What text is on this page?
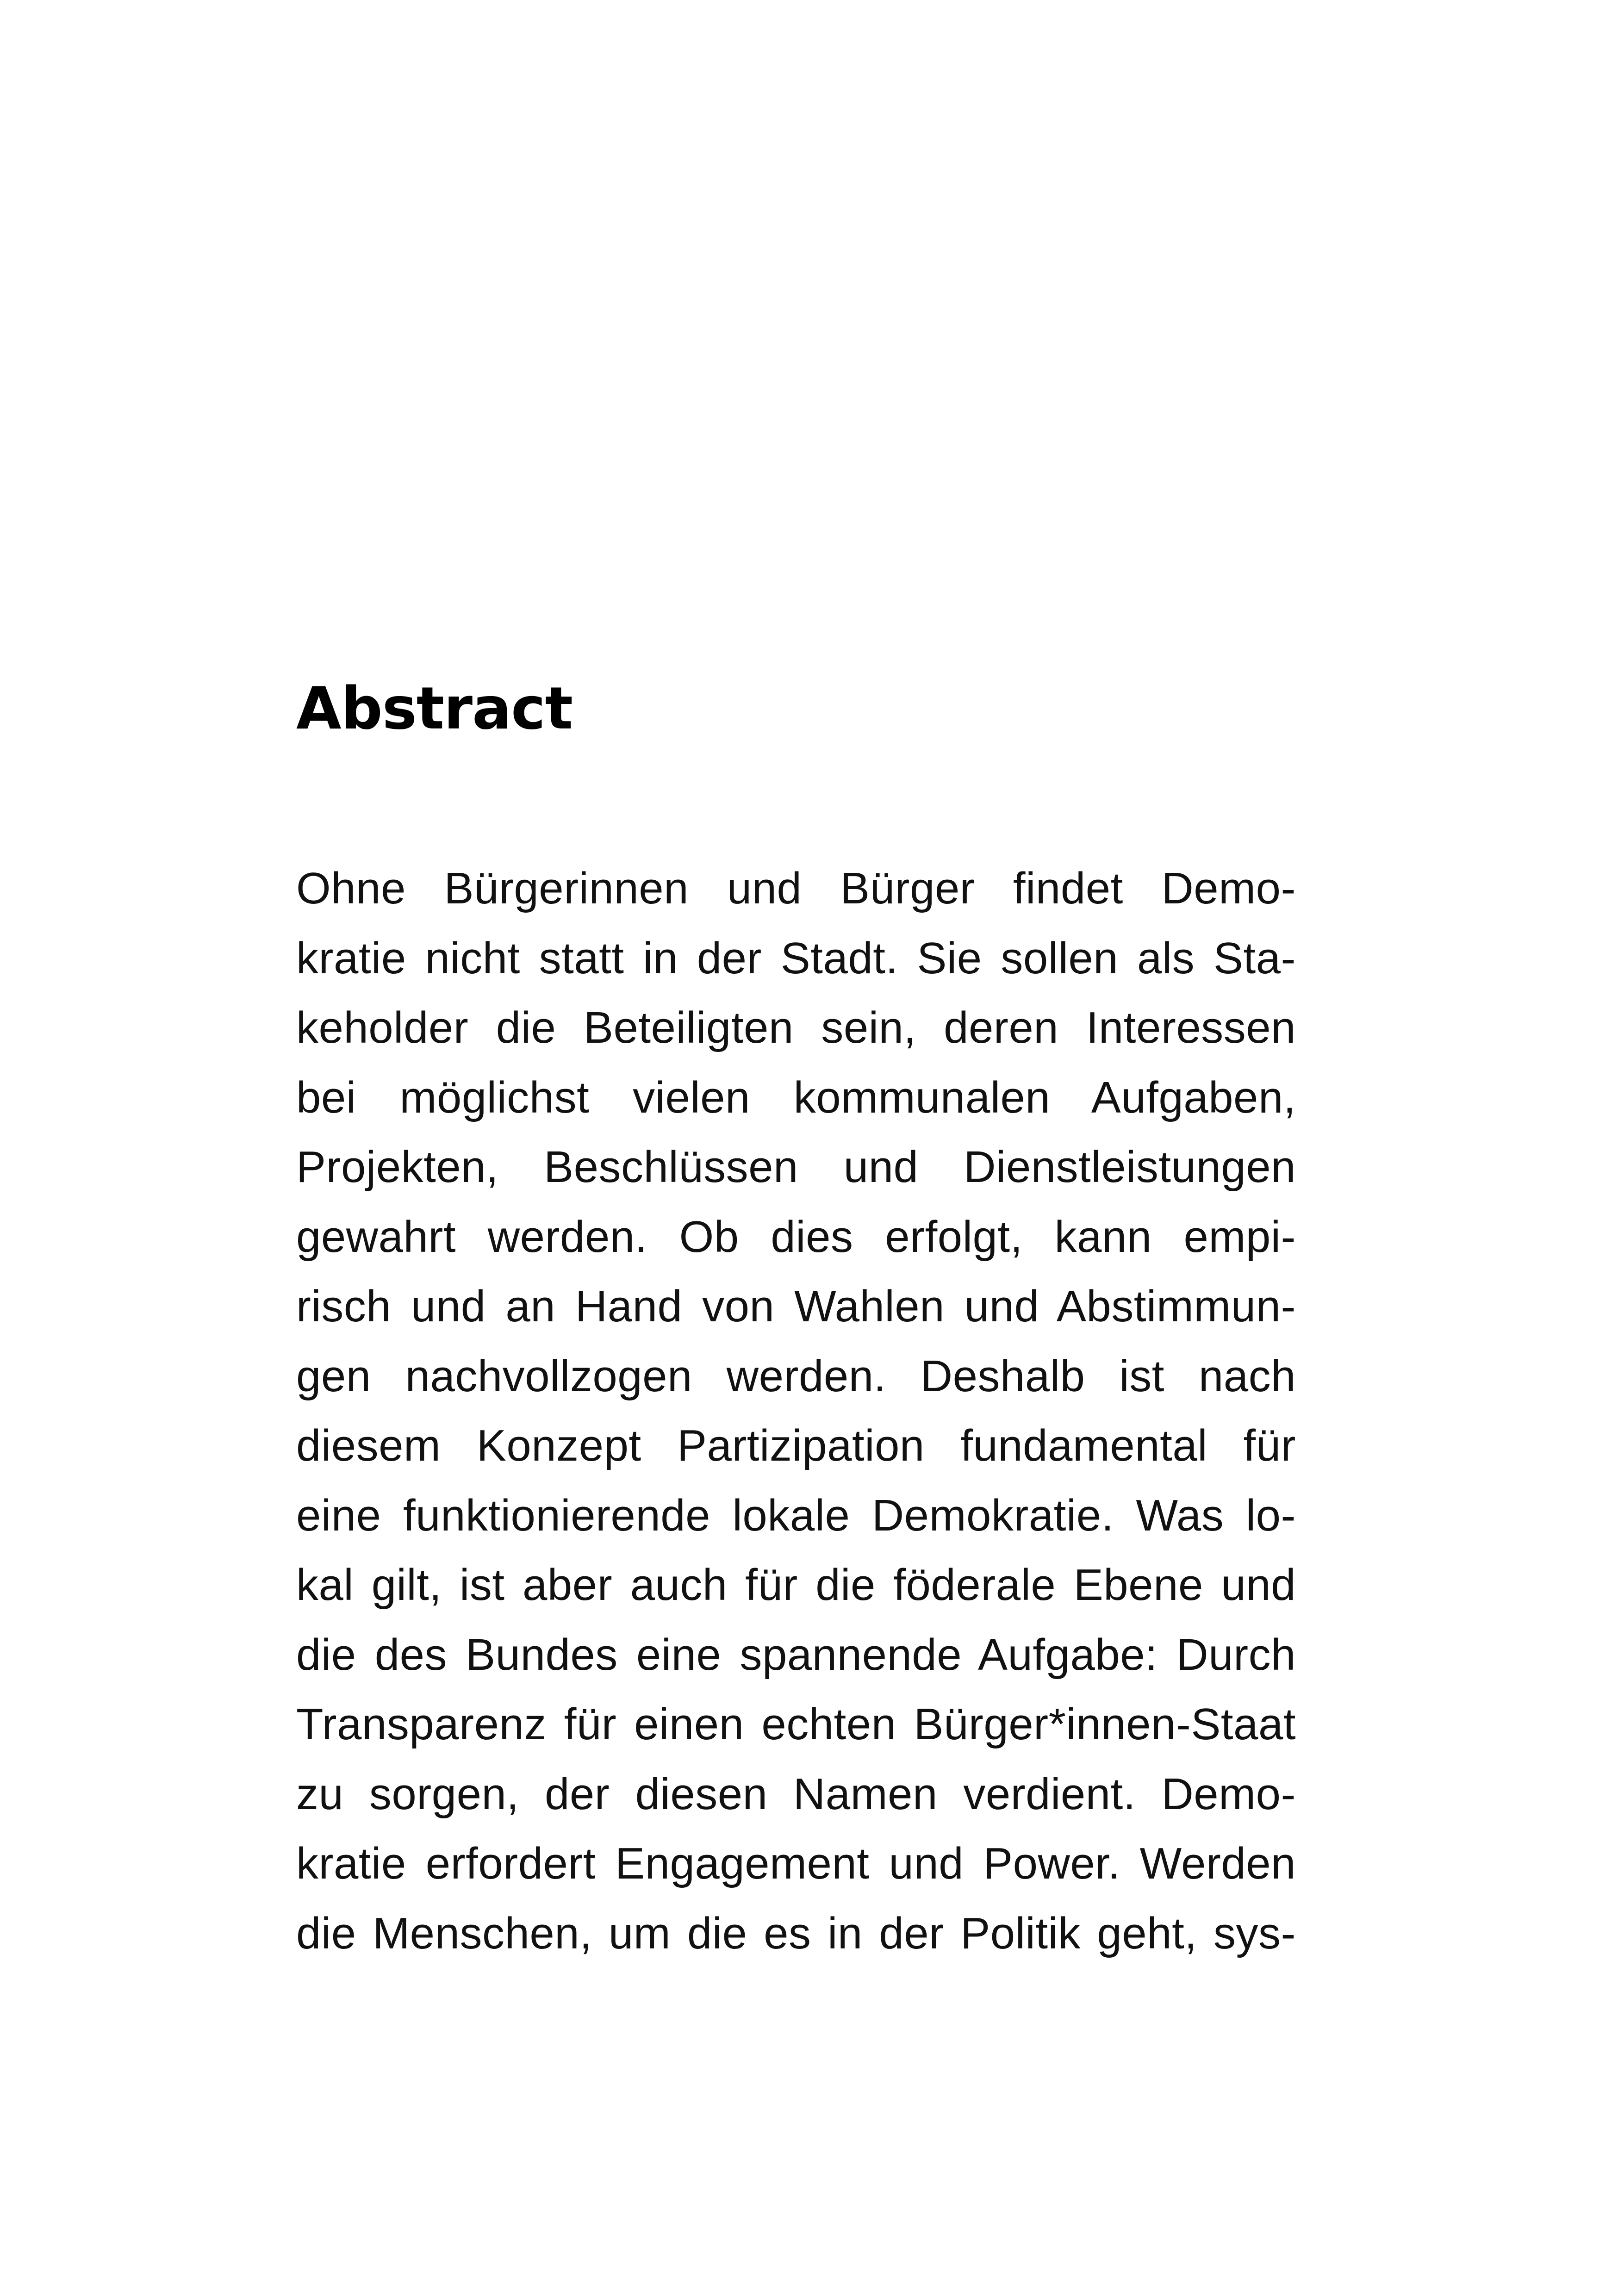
Abstract
Ohne Bürgerinnen und Bürger findet Demo-
kratie nicht statt in der Stadt. Sie sollen als Sta-
keholder die Beteiligten sein, deren Interessen
bei möglichst vielen kommunalen Aufgaben,
Projekten, Beschlüssen und Dienstleistungen
gewahrt werden. Ob dies erfolgt, kann empi-
risch und an Hand von Wahlen und Abstimmun-
gen nachvollzogen werden. Deshalb ist nach
diesem Konzept Partizipation fundamental für
eine funktionierende lokale Demokratie. Was lo-
kal gilt, ist aber auch für die föderale Ebene und
die des Bundes eine spannende Aufgabe: Durch
Transparenz für einen echten Bürger*innen-Staat
zu sorgen, der diesen Namen verdient. Demo-
kratie erfordert Engagement und Power. Werden
die Menschen, um die es in der Politik geht, sys-
